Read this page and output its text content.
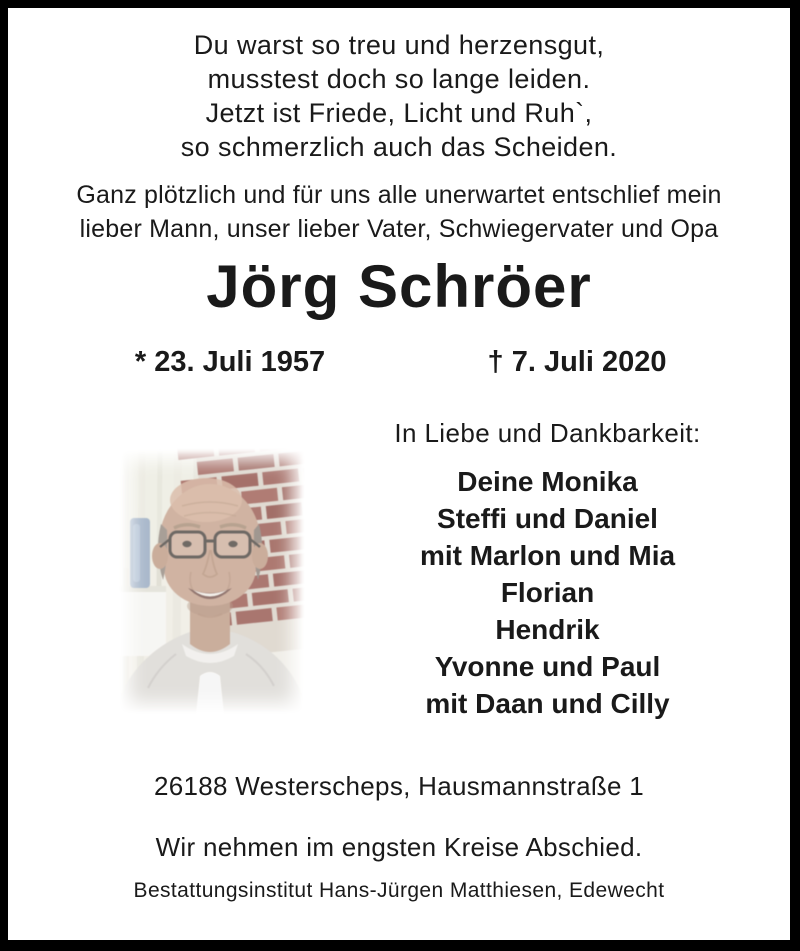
Du warst so treu und herzensgut,
musstest doch so lange leiden.
Jetzt ist Friede, Licht und Ruh`,
so schmerzlich auch das Scheiden.
Ganz plötzlich und für uns alle unerwartet entschlief mein
lieber Mann, unser lieber Vater, Schwiegervater und Opa
Jörg Schröer
* 23. Juli 1957	† 7. Juli 2020
In Liebe und Dankbarkeit:
Deine Monika
Steffi und Daniel
mit Marlon und Mia
Florian
Hendrik
Yvonne und Paul
mit Daan und Cilly
26188 Westerscheps, Hausmannstraße 1
Wir nehmen im engsten Kreise Abschied.
Bestattungsinstitut Hans-Jürgen Matthiesen, Edewecht
